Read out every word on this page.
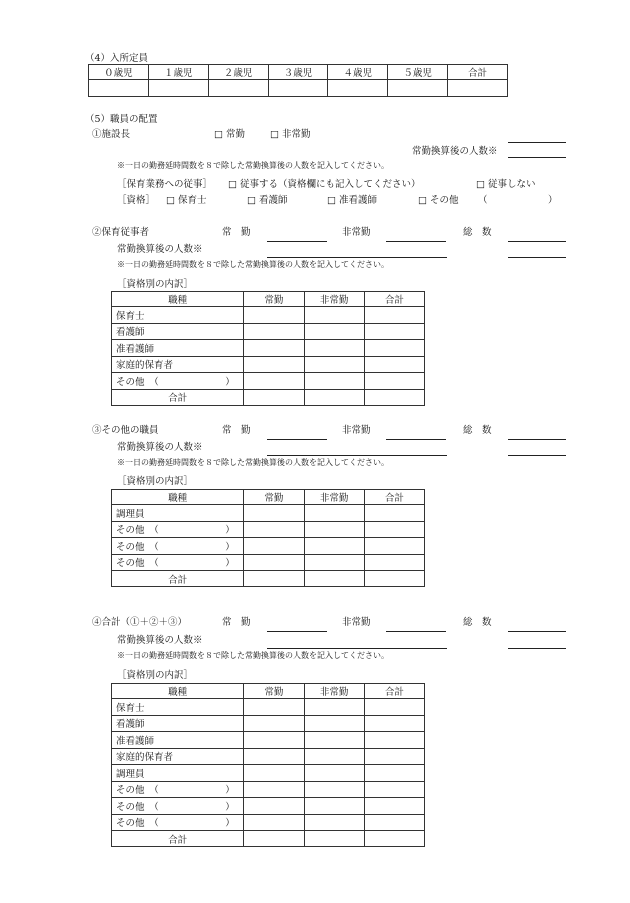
（4）入所定員
０歳児	１歳児	２歳児	３歳児	４歳児	５歳児	合計

（5）職員の配置
①施設長	□ 常勤	□ 非常勤
常勤換算後の人数※
※一日の勤務延時間数を８で除した常勤換算後の人数を記入してください。
［保育業務への従事］ □ 従事する（資格欄にも記入してください）	□ 従事しない
［資格］ □ 保育士	□ 看護師	□ 准看護師	□ その他 （	）
②保育従事者	常　勤	非常勤	総　数
常勤換算後の人数※
※一日の勤務延時間数を８で除した常勤換算後の人数を記入してください。
［資格別の内訳］
職種	常勤	非常勤	合計
保育士			
看護師			
准看護師			
家庭的保育者			
その他　（　　　　　　　）			
合計			
③その他の職員	常　勤	非常勤	総　数
常勤換算後の人数※
※一日の勤務延時間数を８で除した常勤換算後の人数を記入してください。
［資格別の内訳］
職種	常勤	非常勤	合計
調理員			
その他　（　　　　　　　）			
その他　（　　　　　　　）			
その他　（　　　　　　　）			
合計			
④合計（①＋②＋③）	常　勤	非常勤	総　数
常勤換算後の人数※
※一日の勤務延時間数を８で除した常勤換算後の人数を記入してください。
［資格別の内訳］
職種	常勤	非常勤	合計
保育士			
看護師			
准看護師			
家庭的保育者			
調理員			
その他　（　　　　　　　）			
その他　（　　　　　　　）			
その他　（　　　　　　　）			
合計			
